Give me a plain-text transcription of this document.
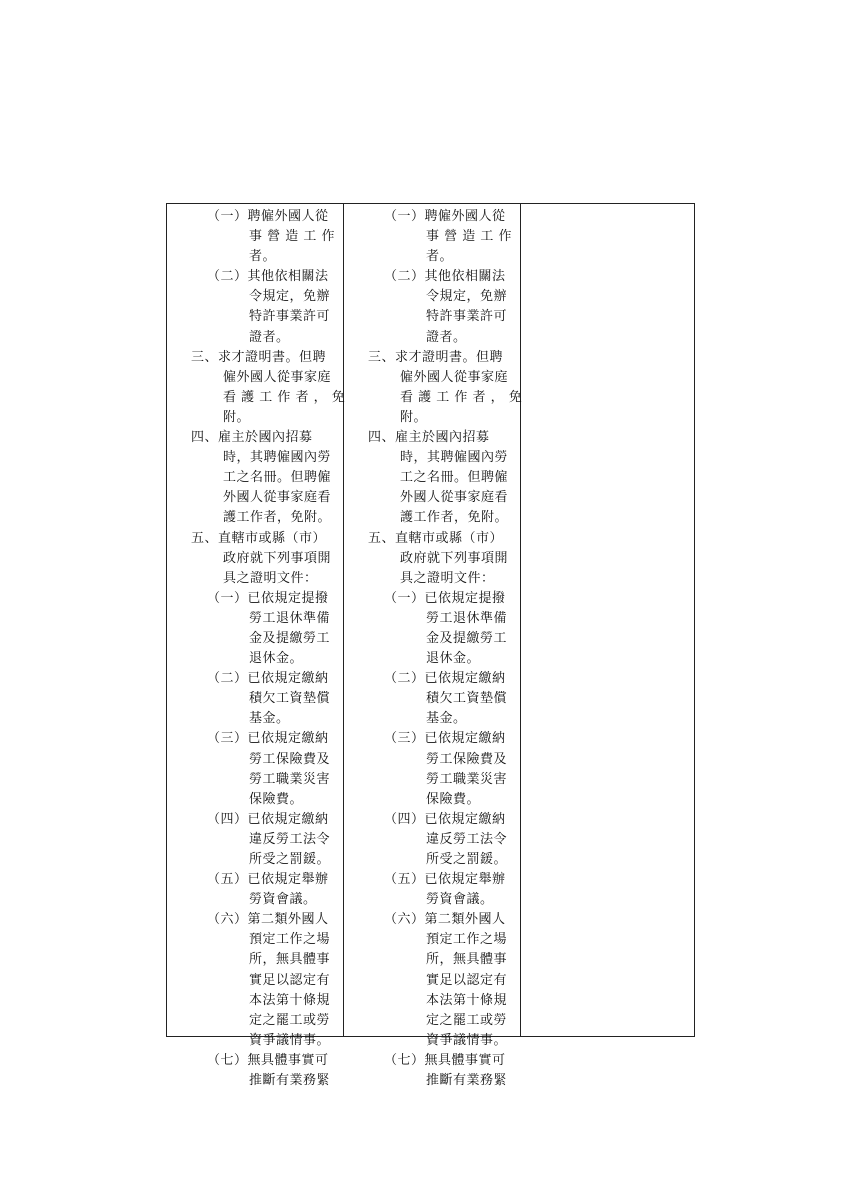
（一）聘僱外國人從
事 營 造 工 作
者。
（二）其他依相關法
令規定，免辦
特許事業許可
證者。
三、求才證明書。但聘
僱外國人從事家庭
看 護 工 作 者 ， 免
附。
四、雇主於國內招募
時，其聘僱國內勞
工之名冊。但聘僱
外國人從事家庭看
護工作者，免附。
五、直轄市或縣（市）
政府就下列事項開
具之證明文件：
（一）已依規定提撥
勞工退休準備
金及提繳勞工
退休金。
（二）已依規定繳納
積欠工資墊償
基金。
（三）已依規定繳納
勞工保險費及
勞工職業災害
保險費。
（四）已依規定繳納
違反勞工法令
所受之罰鍰。
（五）已依規定舉辦
勞資會議。
（六）第二類外國人
預定工作之場
所，無具體事
實足以認定有
本法第十條規
定之罷工或勞
資爭議情事。
（七）無具體事實可
推斷有業務緊
（一）聘僱外國人從
事 營 造 工 作
者。
（二）其他依相關法
令規定，免辦
特許事業許可
證者。
三、求才證明書。但聘
僱外國人從事家庭
看 護 工 作 者 ， 免
附。
四、雇主於國內招募
時，其聘僱國內勞
工之名冊。但聘僱
外國人從事家庭看
護工作者，免附。
五、直轄市或縣（市）
政府就下列事項開
具之證明文件：
（一）已依規定提撥
勞工退休準備
金及提繳勞工
退休金。
（二）已依規定繳納
積欠工資墊償
基金。
（三）已依規定繳納
勞工保險費及
勞工職業災害
保險費。
（四）已依規定繳納
違反勞工法令
所受之罰鍰。
（五）已依規定舉辦
勞資會議。
（六）第二類外國人
預定工作之場
所，無具體事
實足以認定有
本法第十條規
定之罷工或勞
資爭議情事。
（七）無具體事實可
推斷有業務緊
